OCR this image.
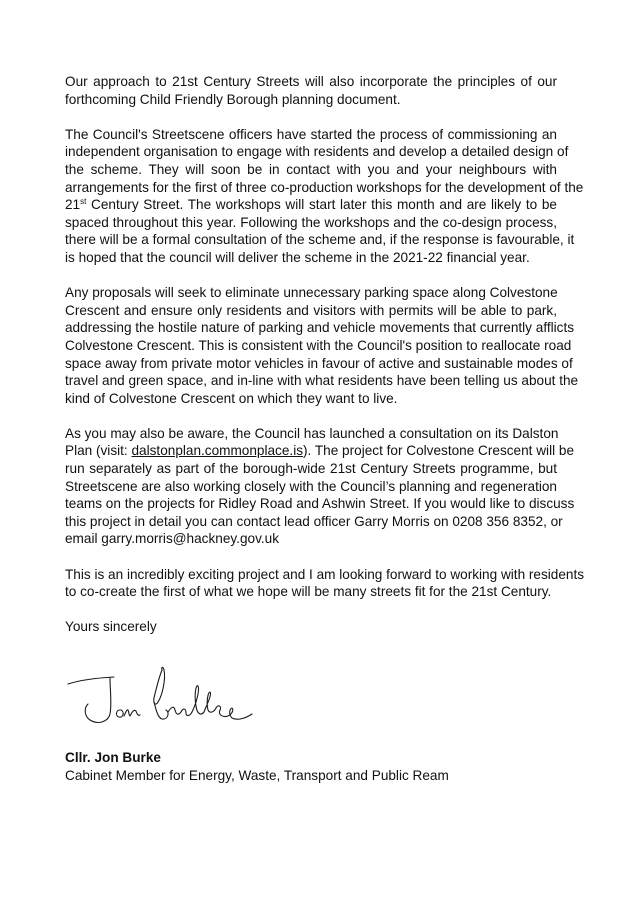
Our approach to 21st Century Streets will also incorporate the principles of our
forthcoming Child Friendly Borough planning document.

The Council's Streetscene officers have started the process of commissioning an
independent organisation to engage with residents and develop a detailed design of
the scheme. They will soon be in contact with you and your neighbours with
arrangements for the first of three co-production workshops for the development of the
21st Century Street. The workshops will start later this month and are likely to be
spaced throughout this year. Following the workshops and the co-design process,
there will be a formal consultation of the scheme and, if the response is favourable, it
is hoped that the council will deliver the scheme in the 2021-22 financial year.

Any proposals will seek to eliminate unnecessary parking space along Colvestone
Crescent and ensure only residents and visitors with permits will be able to park,
addressing the hostile nature of parking and vehicle movements that currently afflicts
Colvestone Crescent. This is consistent with the Council's position to reallocate road
space away from private motor vehicles in favour of active and sustainable modes of
travel and green space, and in-line with what residents have been telling us about the
kind of Colvestone Crescent on which they want to live.

As you may also be aware, the Council has launched a consultation on its Dalston
Plan (visit: dalstonplan.commonplace.is). The project for Colvestone Crescent will be
run separately as part of the borough-wide 21st Century Streets programme, but
Streetscene are also working closely with the Council’s planning and regeneration
teams on the projects for Ridley Road and Ashwin Street. If you would like to discuss
this project in detail you can contact lead officer Garry Morris on 0208 356 8352, or
email garry.morris@hackney.gov.uk

This is an incredibly exciting project and I am looking forward to working with residents
to co-create the first of what we hope will be many streets fit for the 21st Century.

Yours sincerely
Cllr. Jon Burke
Cabinet Member for Energy, Waste, Transport and Public Ream
